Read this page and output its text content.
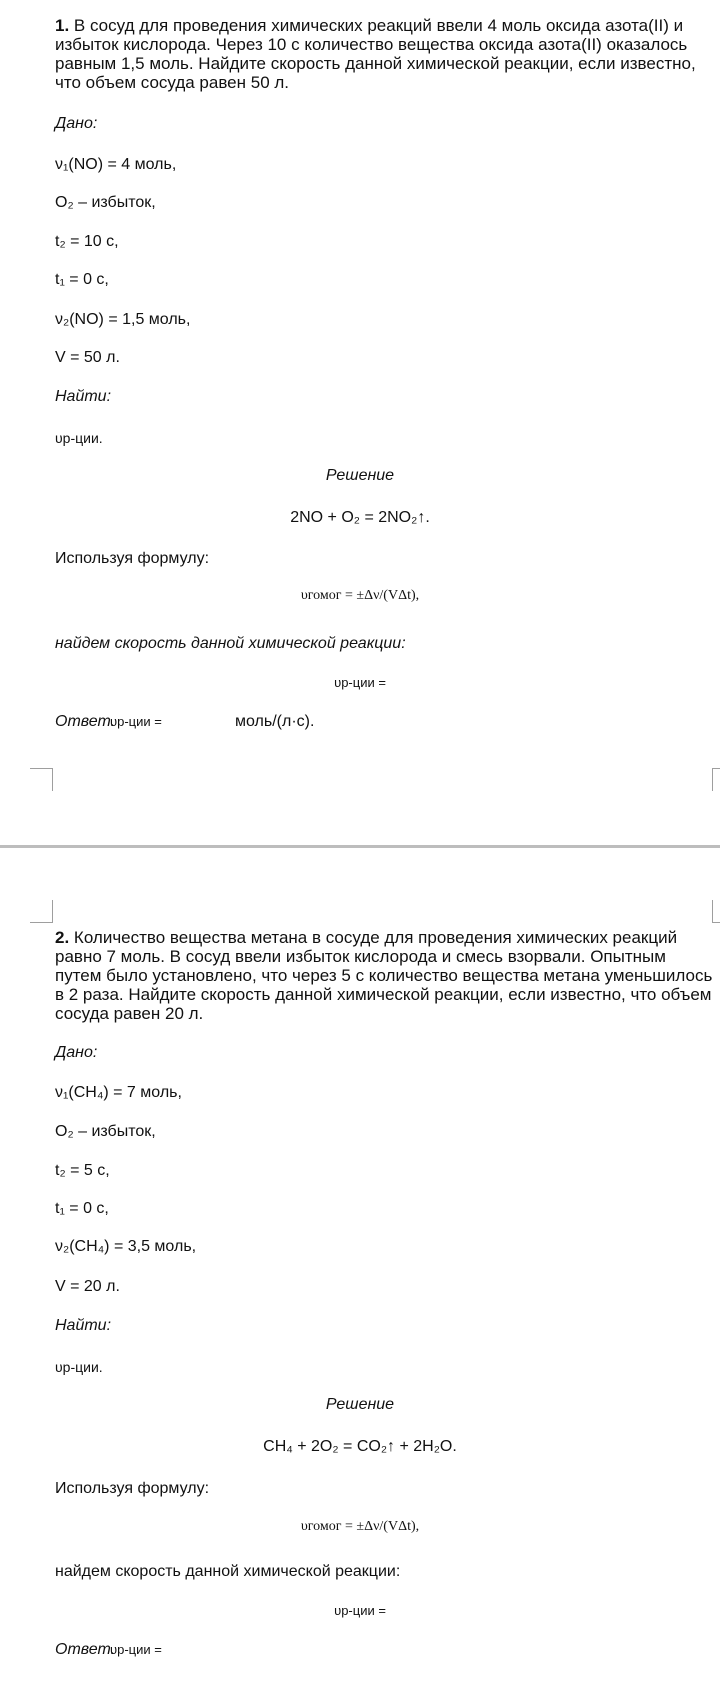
1. В сосуд для проведения химических реакций ввели 4 моль оксида азота(II) и избыток кислорода. Через 10 с количество вещества оксида азота(II) оказалось равным 1,5 моль. Найдите скорость данной химической реакции, если известно, что объем сосуда равен 50 л.
Дано:
ν₁(NO) = 4 моль,
O₂ – избыток,
t₂ = 10 с,
t₁ = 0 с,
ν₂(NO) = 1,5 моль,
V = 50 л.
Найти:
υр-ции.
Решение
2NO + O₂ = 2NO₂↑.
Используя формулу:
υгомог = ±Δν/(VΔt),
найдем скорость данной химической реакции:
υр-ции =
Ответ.
υр-ции =	моль/(л·с).
2. Количество вещества метана в сосуде для проведения химических реакций равно 7 моль. В сосуд ввели избыток кислорода и смесь взорвали. Опытным путем было установлено, что через 5 с количество вещества метана уменьшилось в 2 раза. Найдите скорость данной химической реакции, если известно, что объем сосуда равен 20 л.
Дано:
ν₁(CH₄) = 7 моль,
O₂ – избыток,
t₂ = 5 с,
t₁ = 0 с,
ν₂(CH₄) = 3,5 моль,
V = 20 л.
Найти:
υр-ции.
Решение
CH₄ + 2O₂ = CO₂↑ + 2H₂O.
Используя формулу:
υгомог = ±Δν/(VΔt),
найдем скорость данной химической реакции:
υр-ции =
Ответ.
υр-ции =
